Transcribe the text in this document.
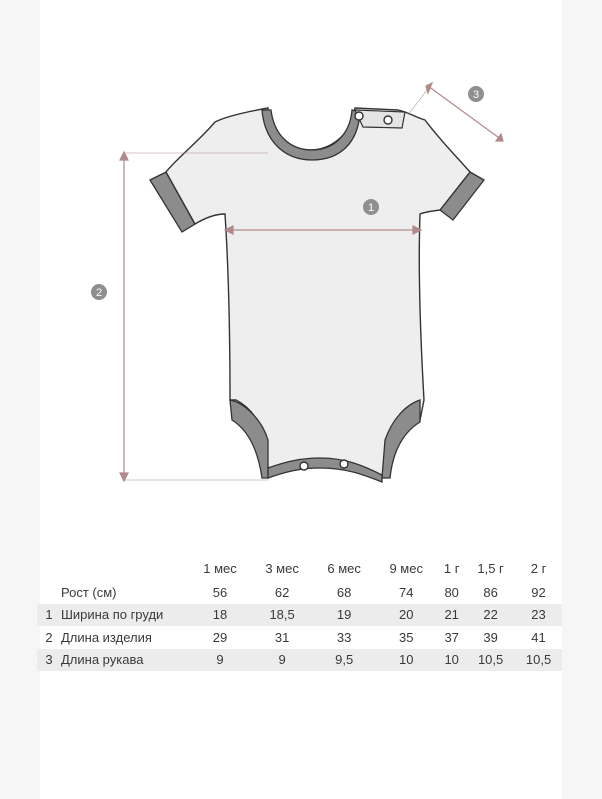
1
2
3
		1 мес	3 мес	6 мес	9 мес	1 г	1,5 г	2 г
	Рост (см)	56	62	68	74	80	86	92
1	Ширина по груди	18	18,5	19	20	21	22	23
2	Длина изделия	29	31	33	35	37	39	41
3	Длина рукава	9	9	9,5	10	10	10,5	10,5
